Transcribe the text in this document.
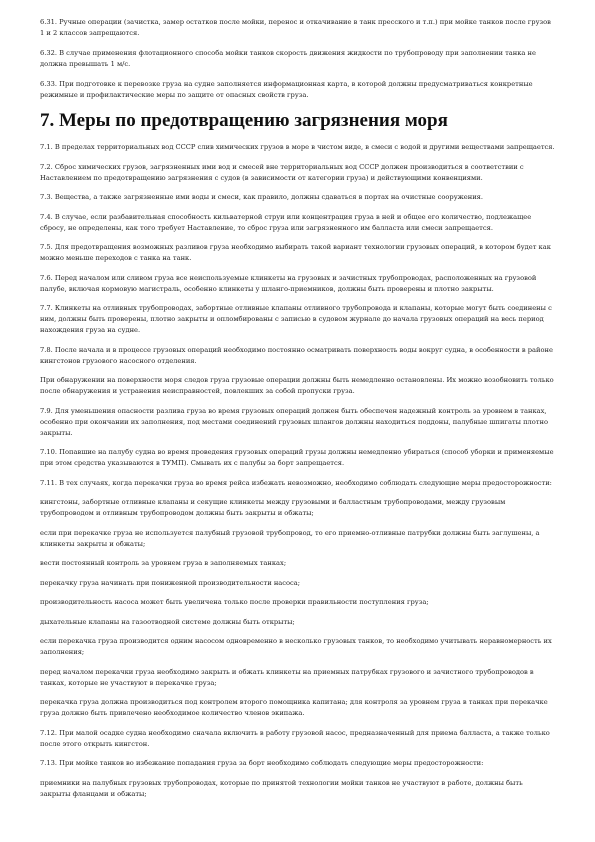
6.31. Ручные операции (зачистка, замер остатков после мойки, перенос и откачивание в танк пресского и т.п.) при мойке танков после грузов 1 и 2 классов запрещаются.

6.32. В случае применения флотационного способа мойки танков скорость движения жидкости по трубопроводу при заполнении танка не должна превышать 1 м/с.

6.33. При подготовке к перевозке груза на судне заполняется информационная карта, в которой должны предусматриваться конкретные режимные и профилактические меры по защите от опасных свойств груза.

7. Меры по предотвращению загрязнения моря

7.1. В пределах территориальных вод СССР слив химических грузов в море в чистом виде, в смеси с водой и другими веществами запрещается.

7.2. Сброс химических грузов, загрязненных ими вод и смесей вне территориальных вод СССР должен производиться в соответствии с Наставлением по предотвращению загрязнения с судов (в зависимости от категории груза) и действующими конвенциями.

7.3. Вещества, а также загрязненные ими воды и смеси, как правило, должны сдаваться в портах на очистные сооружения.

7.4. В случае, если разбавительная способность кильватерной струи или концентрация груза в ней и общее его количество, подлежащее сбросу, не определены, как того требует Наставление, то сброс груза или загрязненного им балласта или смеси запрещается.

7.5. Для предотвращения возможных разливов груза необходимо выбирать такой вариант технологии грузовых операций, в котором будет как можно меньше переходов с танка на танк.

7.6. Перед началом или сливом груза все неиспользуемые клинкеты на грузовых и зачистных трубопроводах, расположенных на грузовой палубе, включая кормовую магистраль, особенно клинкеты у шланго-приемников, должны быть проверены и плотно закрыты.

7.7. Клинкеты на отливных трубопроводах, забортные отливные клапаны отливного трубопровода и клапаны, которые могут быть соединены с ним, должны быть проверены, плотно закрыты и опломбированы с записью в судовом журнале до начала грузовых операций на весь период нахождения груза на судне.

7.8. После начала и в процессе грузовых операций необходимо постоянно осматривать поверхность воды вокруг судна, в особенности в районе кингстонов грузового насосного отделения.

При обнаружении на поверхности моря следов груза грузовые операции должны быть немедленно остановлены. Их можно возобновить только после обнаружения и устранения неисправностей, повлекших за собой пропуски груза.

7.9. Для уменьшения опасности разлива груза во время грузовых операций должен быть обеспечен надежный контроль за уровнем в танках, особенно при окончании их заполнения, под местами соединений грузовых шлангов должны находиться поддоны, палубные шпигаты плотно закрыты.

7.10. Попавшие на палубу судна во время проведения грузовых операций грузы должны немедленно убираться (способ уборки и применяемые при этом средства указываются в ТУМП). Смывать их с палубы за борт запрещается.

7.11. В тех случаях, когда перекачки груза во время рейса избежать невозможно, необходимо соблюдать следующие меры предосторожности:

кингстоны, забортные отливные клапаны и секущие клинкеты между грузовыми и балластным трубопроводами, между грузовым трубопроводом и отливным трубопроводом должны быть закрыты и обжаты;

если при перекачке груза не используется палубный грузовой трубопровод, то его приемно-отливные патрубки должны быть заглушены, а клинкеты закрыты и обжаты;

вести постоянный контроль за уровнем груза в заполняемых танках;

перекачку груза начинать при пониженной производительности насоса;

производительность насоса может быть увеличена только после проверки правильности поступления груза;

дыхательные клапаны на газоотводной системе должны быть открыты;

если перекачка груза производится одним насосом одновременно в несколько грузовых танков, то необходимо учитывать неравномерность их заполнения;

перед началом перекачки груза необходимо закрыть и обжать клинкеты на приемных патрубках грузового и зачистного трубопроводов в танках, которые не участвуют в перекачке груза;

перекачка груза должна производиться под контролем второго помощника капитана; для контроля за уровнем груза в танках при перекачке груза должно быть привлечено необходимое количество членов экипажа.

7.12. При малой осадке судна необходимо сначала включить в работу грузовой насос, предназначенный для приема балласта, а также только после этого открыть кингстон.

7.13. При мойке танков во избежание попадания груза за борт необходимо соблюдать следующие меры предосторожности:

приемники на палубных грузовых трубопроводах, которые по принятой технологии мойки танков не участвуют в работе, должны быть закрыты фланцами и обжаты;
